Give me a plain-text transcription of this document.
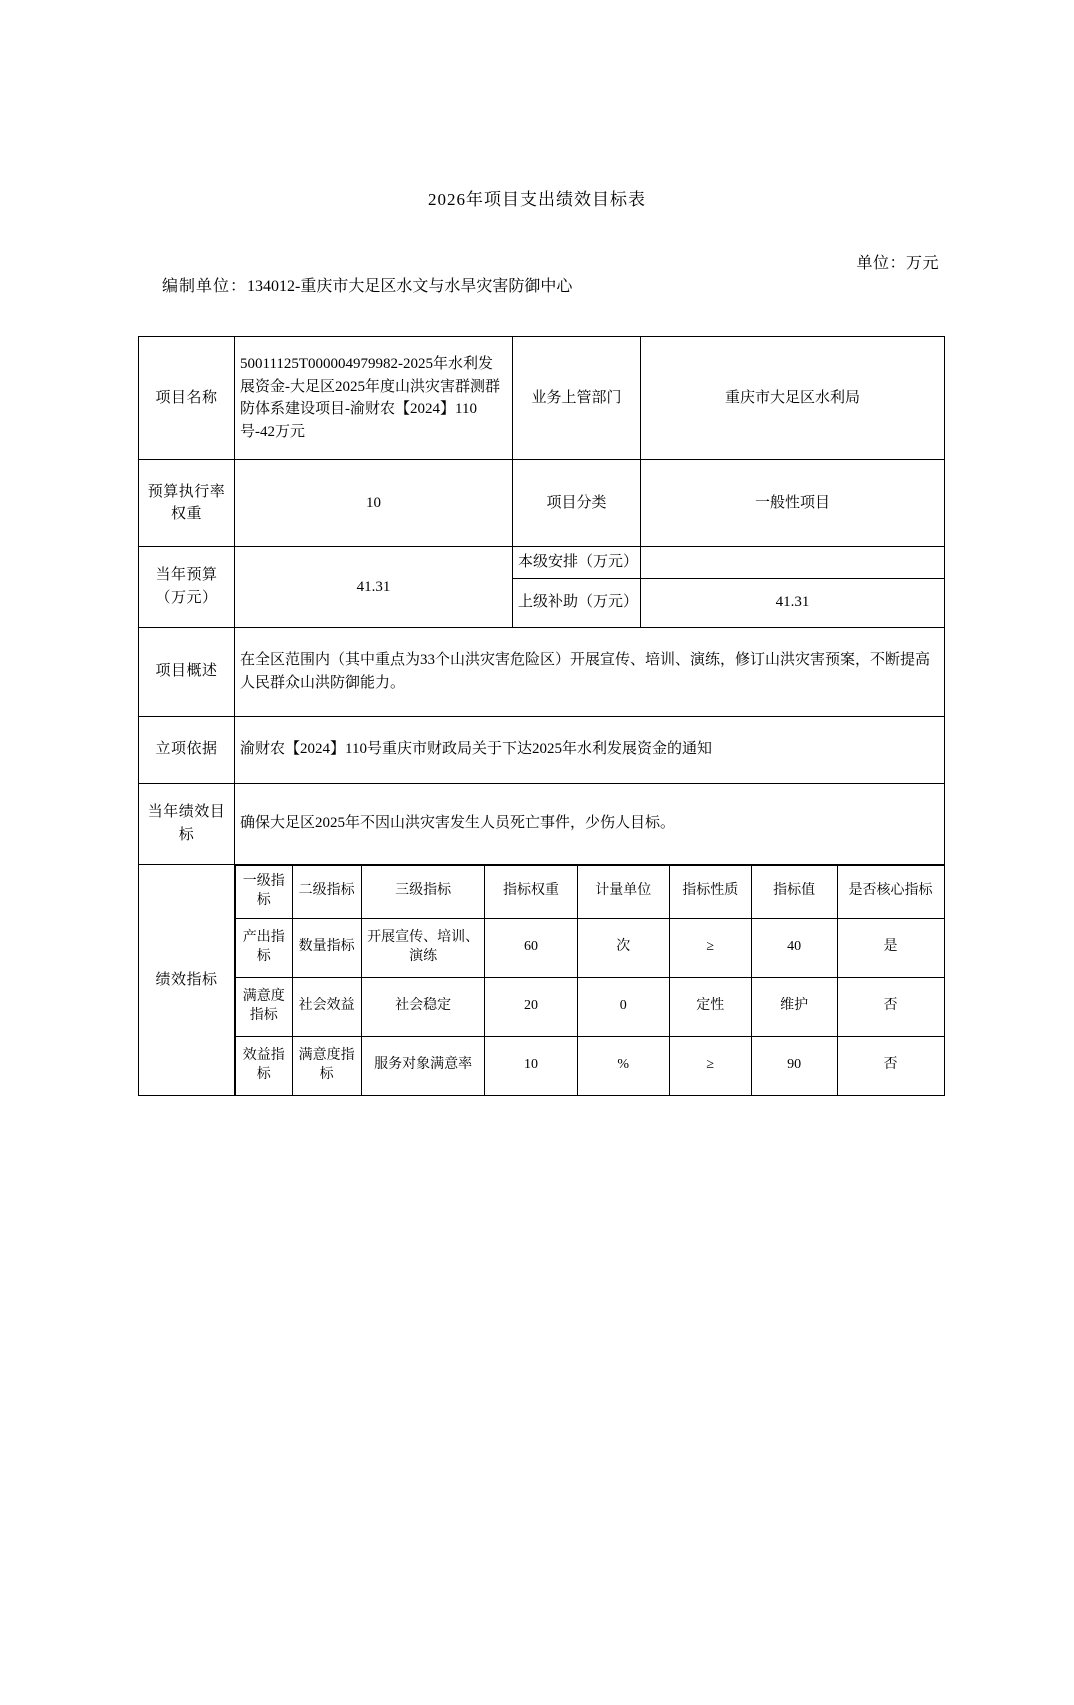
2026年项目支出绩效目标表

编制单位：134012-重庆市大足区水文与水旱灾害防御中心

单位：万元
项目名称	50011125T000004979982-2025年水利发展资金-大足区2025年度山洪灾害群测群防体系建设项目-渝财农【2024】110号-42万元	业务上管部门	重庆市大足区水利局
预算执行率权重	10	项目分类	一般性项目
当年预算（万元）	41.31	本级安排（万元）	
上级补助（万元）	41.31
项目概述	在全区范围内（其中重点为33个山洪灾害危险区）开展宣传、培训、演练，修订山洪灾害预案，不断提高人民群众山洪防御能力。
立项依据	渝财农【2024】110号重庆市财政局关于下达2025年水利发展资金的通知
当年绩效目标	确保大足区2025年不因山洪灾害发生人员死亡事件，少伤人目标。
绩效指标	
一级指标	二级指标	三级指标	指标权重	计量单位	指标性质	指标值	是否核心指标
产出指标	数量指标	开展宣传、培训、演练	60	次	≥	40	是
满意度指标	社会效益	社会稳定	20	0	定性	维护	否
效益指标	满意度指标	服务对象满意率	10	%	≥	90	否
